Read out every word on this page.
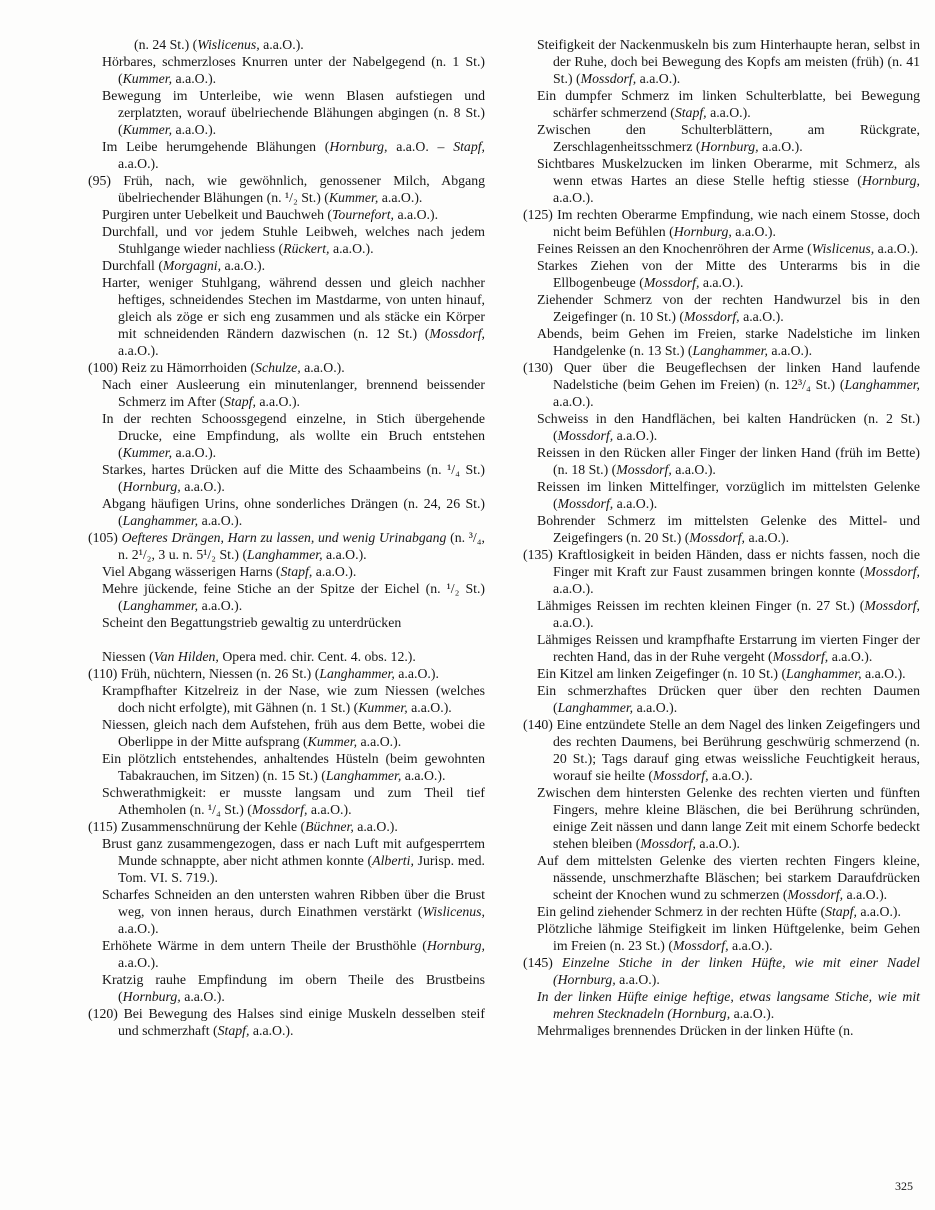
(n. 24 St.) (Wislicenus, a.a.O.).

Hörbares, schmerzloses Knurren unter der Nabelgegend (n. 1 St.) (Kummer, a.a.O.).

Bewegung im Unterleibe, wie wenn Blasen aufstiegen und zerplatzten, worauf übelriechende Blähungen abgingen (n. 8 St.) (Kummer, a.a.O.).

Im Leibe herumgehende Blähungen (Hornburg, a.a.O. – Stapf, a.a.O.).

(95) Früh, nach, wie gewöhnlich, genossener Milch, Abgang übelriechender Blähungen (n. ¹/₂ St.) (Kummer, a.a.O.).

Purgiren unter Uebelkeit und Bauchweh (Tournefort, a.a.O.).

Durchfall, und vor jedem Stuhle Leibweh, welches nach jedem Stuhlgange wieder nachliess (Rückert, a.a.O.).

Durchfall (Morgagni, a.a.O.).

Harter, weniger Stuhlgang, während dessen und gleich nachher heftiges, schneidendes Stechen im Mastdarme, von unten hinauf, gleich als zöge er sich eng zusammen und als stäcke ein Körper mit schneidenden Rändern dazwischen (n. 12 St.) (Mossdorf, a.a.O.).

(100) Reiz zu Hämorrhoiden (Schulze, a.a.O.).

Nach einer Ausleerung ein minutenlanger, brennend beissender Schmerz im After (Stapf, a.a.O.).

In der rechten Schoossgegend einzelne, in Stich übergehende Drucke, eine Empfindung, als wollte ein Bruch entstehen (Kummer, a.a.O.).

Starkes, hartes Drücken auf die Mitte des Schaambeins (n. ¹/₄ St.) (Hornburg, a.a.O.).

Abgang häufigen Urins, ohne sonderliches Drängen (n. 24, 26 St.) (Langhammer, a.a.O.).

(105) Oefteres Drängen, Harn zu lassen, und wenig Urinabgang (n. ³/₄, n. 2¹/₂, 3 u. n. 5¹/₂ St.) (Langhammer, a.a.O.).

Viel Abgang wässerigen Harns (Stapf, a.a.O.).

Mehre jückende, feine Stiche an der Spitze der Eichel (n. ¹/₂ St.) (Langhammer, a.a.O.).

Scheint den Begattungstrieb gewaltig zu unterdrücken

Niessen (Van Hilden, Opera med. chir. Cent. 4. obs. 12.).

(110) Früh, nüchtern, Niessen (n. 26 St.) (Langhammer, a.a.O.).

Krampfhafter Kitzelreiz in der Nase, wie zum Niessen (welches doch nicht erfolgte), mit Gähnen (n. 1 St.) (Kummer, a.a.O.).

Niessen, gleich nach dem Aufstehen, früh aus dem Bette, wobei die Oberlippe in der Mitte aufsprang (Kummer, a.a.O.).

Ein plötzlich entstehendes, anhaltendes Hüsteln (beim gewohnten Tabakrauchen, im Sitzen) (n. 15 St.) (Langhammer, a.a.O.).

Schwerathmigkeit: er musste langsam und zum Theil tief Athemholen (n. ¹/₄ St.) (Mossdorf, a.a.O.).

(115) Zusammenschnürung der Kehle (Büchner, a.a.O.).

Brust ganz zusammengezogen, dass er nach Luft mit aufgesperrtem Munde schnappte, aber nicht athmen konnte (Alberti, Jurisp. med. Tom. VI. S. 719.).

Scharfes Schneiden an den untersten wahren Ribben über die Brust weg, von innen heraus, durch Einathmen verstärkt (Wislicenus, a.a.O.).

Erhöhete Wärme in dem untern Theile der Brusthöhle (Hornburg, a.a.O.).

Kratzig rauhe Empfindung im obern Theile des Brustbeins (Hornburg, a.a.O.).

(120) Bei Bewegung des Halses sind einige Muskeln desselben steif und schmerzhaft (Stapf, a.a.O.).

Steifigkeit der Nackenmuskeln bis zum Hinterhaupte heran, selbst in der Ruhe, doch bei Bewegung des Kopfs am meisten (früh) (n. 41 St.) (Mossdorf, a.a.O.).

Ein dumpfer Schmerz im linken Schulterblatte, bei Bewegung schärfer schmerzend (Stapf, a.a.O.).

Zwischen den Schulterblättern, am Rückgrate, Zerschlagenheitsschmerz (Hornburg, a.a.O.).

Sichtbares Muskelzucken im linken Oberarme, mit Schmerz, als wenn etwas Hartes an diese Stelle heftig stiesse (Hornburg, a.a.O.).

(125) Im rechten Oberarme Empfindung, wie nach einem Stosse, doch nicht beim Befühlen (Hornburg, a.a.O.).

Feines Reissen an den Knochenröhren der Arme (Wislicenus, a.a.O.).

Starkes Ziehen von der Mitte des Unterarms bis in die Ellbogenbeuge (Mossdorf, a.a.O.).

Ziehender Schmerz von der rechten Handwurzel bis in den Zeigefinger (n. 10 St.) (Mossdorf, a.a.O.).

Abends, beim Gehen im Freien, starke Nadelstiche im linken Handgelenke (n. 13 St.) (Langhammer, a.a.O.).

(130) Quer über die Beugeflechsen der linken Hand laufende Nadelstiche (beim Gehen im Freien) (n. 12³/₄ St.) (Langhammer, a.a.O.).

Schweiss in den Handflächen, bei kalten Handrücken (n. 2 St.) (Mossdorf, a.a.O.).

Reissen in den Rücken aller Finger der linken Hand (früh im Bette) (n. 18 St.) (Mossdorf, a.a.O.).

Reissen im linken Mittelfinger, vorzüglich im mittelsten Gelenke (Mossdorf, a.a.O.).

Bohrender Schmerz im mittelsten Gelenke des Mittel- und Zeigefingers (n. 20 St.) (Mossdorf, a.a.O.).

(135) Kraftlosigkeit in beiden Händen, dass er nichts fassen, noch die Finger mit Kraft zur Faust zusammen bringen konnte (Mossdorf, a.a.O.).

Lähmiges Reissen im rechten kleinen Finger (n. 27 St.) (Mossdorf, a.a.O.).

Lähmiges Reissen und krampfhafte Erstarrung im vierten Finger der rechten Hand, das in der Ruhe vergeht (Mossdorf, a.a.O.).

Ein Kitzel am linken Zeigefinger (n. 10 St.) (Langhammer, a.a.O.).

Ein schmerzhaftes Drücken quer über den rechten Daumen (Langhammer, a.a.O.).

(140) Eine entzündete Stelle an dem Nagel des linken Zeigefingers und des rechten Daumens, bei Berührung geschwürig schmerzend (n. 20 St.); Tags darauf ging etwas weissliche Feuchtigkeit heraus, worauf sie heilte (Mossdorf, a.a.O.).

Zwischen dem hintersten Gelenke des rechten vierten und fünften Fingers, mehre kleine Bläschen, die bei Berührung schründen, einige Zeit nässen und dann lange Zeit mit einem Schorfe bedeckt stehen bleiben (Mossdorf, a.a.O.).

Auf dem mittelsten Gelenke des vierten rechten Fingers kleine, nässende, unschmerzhafte Bläschen; bei starkem Daraufdrücken scheint der Knochen wund zu schmerzen (Mossdorf, a.a.O.).

Ein gelind ziehender Schmerz in der rechten Hüfte (Stapf, a.a.O.).

Plötzliche lähmige Steifigkeit im linken Hüftgelenke, beim Gehen im Freien (n. 23 St.) (Mossdorf, a.a.O.).

(145) Einzelne Stiche in der linken Hüfte, wie mit einer Nadel (Hornburg, a.a.O.).

In der linken Hüfte einige heftige, etwas langsame Stiche, wie mit mehren Stecknadeln (Hornburg, a.a.O.).

Mehrmaliges brennendes Drücken in der linken Hüfte (n.

325
